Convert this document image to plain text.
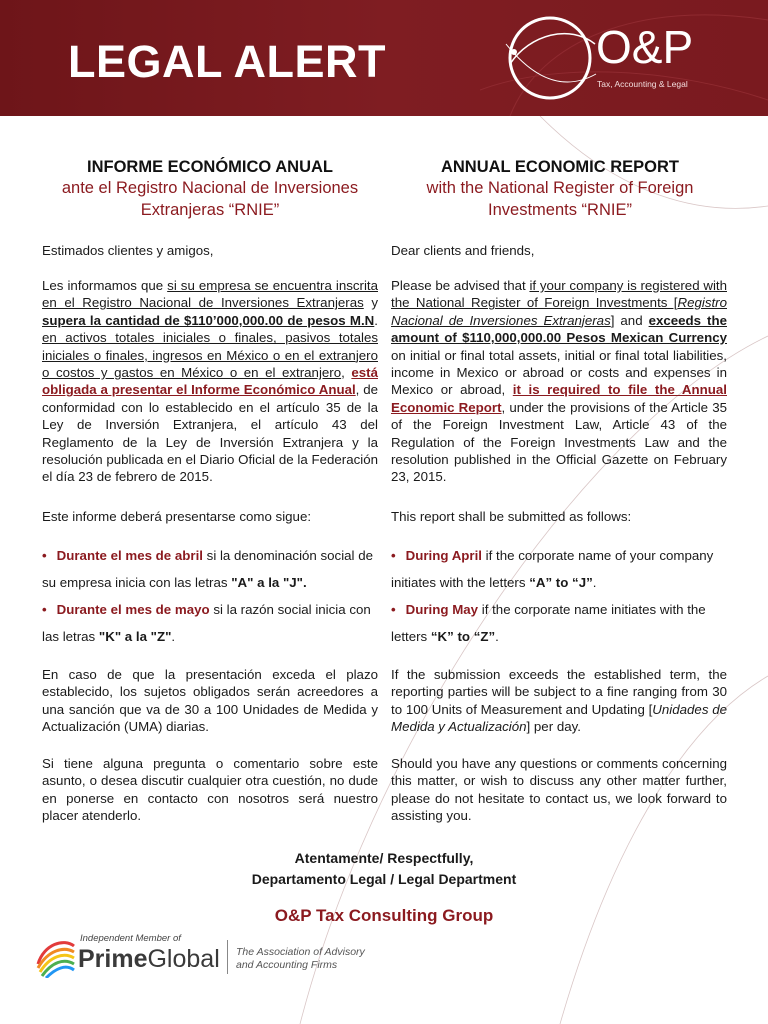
LEGAL ALERT	O&P
Tax, Accounting & Legal
INFORME ECONÓMICO ANUAL
ante el Registro Nacional de Inversiones
Extranjeras “RNIE”
ANNUAL ECONOMIC REPORT
with the National Register of Foreign
Investments “RNIE”

Estimados clientes y amigos,	Dear clients and friends,

Les informamos que si su empresa se encuentra inscrita en el Registro Nacional de Inversiones Extranjeras y supera la cantidad de $110’000,000.00 de pesos M.N. en activos totales iniciales o finales, pasivos totales iniciales o finales, ingresos en México o en el extranjero o costos y gastos en México o en el extranjero, está obligada a presentar el Informe Económico Anual, de conformidad con lo establecido en el artículo 35 de la Ley de Inversión Extranjera, el artículo 43 del Reglamento de la Ley de Inversión Extranjera y la resolución publicada en el Diario Oficial de la Federación el día 23 de febrero de 2015.

Please be advised that if your company is registered with the National Register of Foreign Investments [Registro Nacional de Inversiones Extranjeras] and exceeds the amount of $110,000,000.00 Pesos Mexican Currency on initial or final total assets, initial or final total liabilities, income in Mexico or abroad or costs and expenses in Mexico or abroad, it is required to file the Annual Economic Report, under the provisions of the Article 35 of the Foreign Investment Law, Article 43 of the Regulation of the Foreign Investments Law and the resolution published in the Official Gazette on February 23, 2015.

Este informe deberá presentarse como sigue:	This report shall be submitted as follows:

• Durante el mes de abril si la denominación social de su empresa inicia con las letras "A" a la "J".
• Durante el mes de mayo si la razón social inicia con las letras "K" a la "Z".
• During April if the corporate name of your company initiates with the letters “A” to “J”.
• During May if the corporate name initiates with the letters “K” to “Z”.

En caso de que la presentación exceda el plazo establecido, los sujetos obligados serán acreedores a una sanción que va de 30 a 100 Unidades de Medida y Actualización (UMA) diarias.

If the submission exceeds the established term, the reporting parties will be subject to a fine ranging from 30 to 100 Units of Measurement and Updating [Unidades de Medida y Actualización] per day.

Si tiene alguna pregunta o comentario sobre este asunto, o desea discutir cualquier otra cuestión, no dude en ponerse en contacto con nosotros será nuestro placer atenderlo.

Should you have any questions or comments concerning this matter, or wish to discuss any other matter further, please do not hesitate to contact us, we look forward to assisting you.

Atentamente/ Respectfully,
Departamento Legal / Legal Department
O&P Tax Consulting Group
Independent Member of
PrimeGlobal The Association of Advisory
and Accounting Firms
